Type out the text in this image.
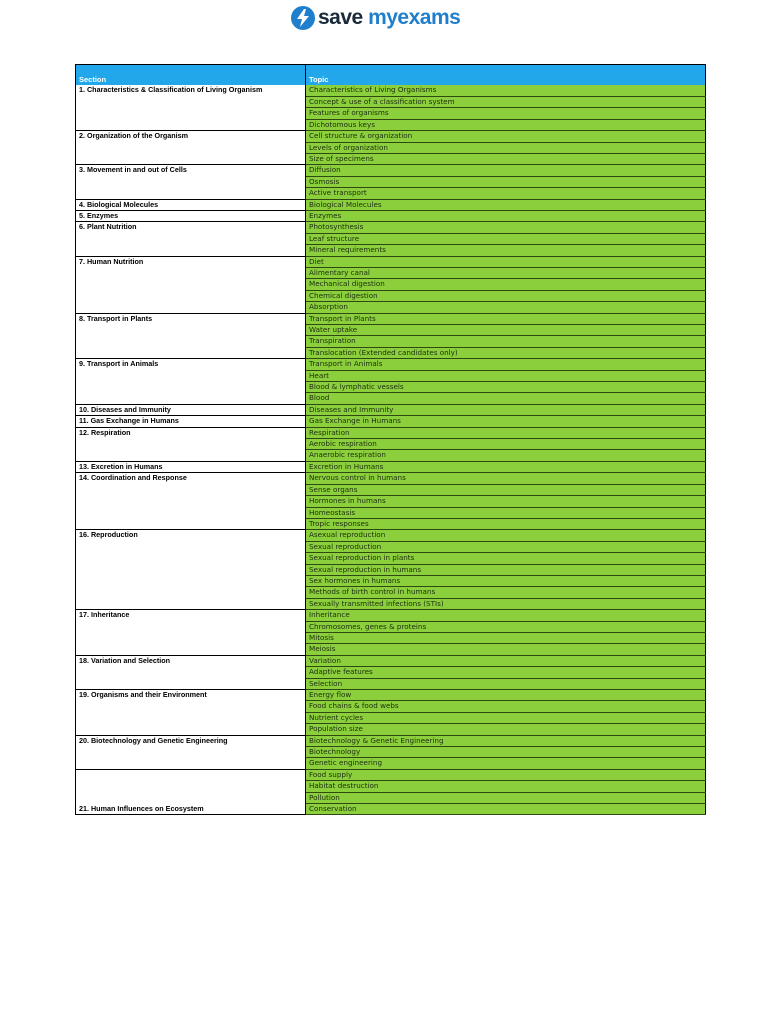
save myexams
Section	Topic
1. Characteristics & Classification of Living Organism	Characteristics of Living Organisms
	Concept & use of a classification system
	Features of organisms
	Dichotomous keys
2. Organization of the Organism	Cell structure & organization
	Levels of organization
	Size of specimens
3. Movement in and out of Cells	Diffusion
	Osmosis
	Active transport
4. Biological Molecules	Biological Molecules
5. Enzymes	Enzymes
6. Plant Nutrition	Photosynthesis
	Leaf structure
	Mineral requirements
7. Human Nutrition	Diet
	Alimentary canal
	Mechanical digestion
	Chemical digestion
	Absorption
8. Transport in Plants	Transport in Plants
	Water uptake
	Transpiration
	Translocation (Extended candidates only)
9. Transport in Animals	Transport in Animals
	Heart
	Blood & lymphatic vessels
	Blood
10. Diseases and Immunity	Diseases and Immunity
11. Gas Exchange in Humans	Gas Exchange in Humans
12. Respiration	Respiration
	Aerobic respiration
	Anaerobic respiration
13. Excretion in Humans	Excretion in Humans
14. Coordination and Response	Nervous control in humans
	Sense organs
	Hormones in humans
	Homeostasis
	Tropic responses
16. Reproduction	Asexual reproduction
	Sexual reproduction
	Sexual reproduction in plants
	Sexual reproduction in humans
	Sex hormones in humans
	Methods of birth control in humans
	Sexually transmitted infections (STIs)
17. Inheritance	Inheritance
	Chromosomes, genes & proteins
	Mitosis
	Meiosis
18. Variation and Selection	Variation
	Adaptive features
	Selection
19. Organisms and their Environment	Energy flow
	Food chains & food webs
	Nutrient cycles
	Population size
20. Biotechnology and Genetic Engineering	Biotechnology & Genetic Engineering
	Biotechnology
	Genetic engineering
21. Human Influences on Ecosystem	Food supply
	Habitat destruction
	Pollution
	Conservation
